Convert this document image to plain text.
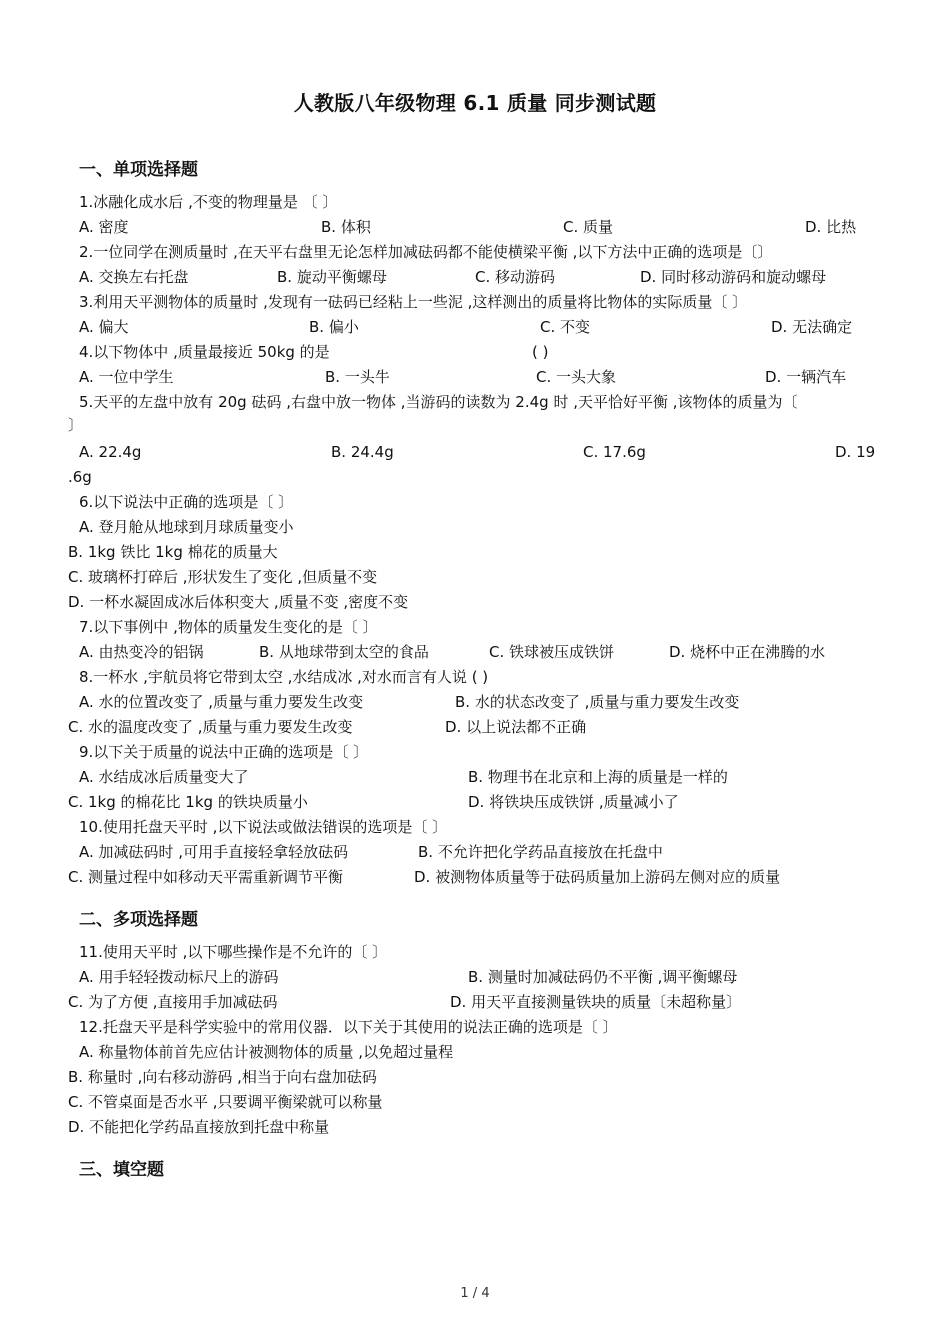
人教版八年级物理 6.1 质量 同步测试题
一、单项选择题
1.冰融化成水后 ,不变的物理量是 〔 〕
A. 密度	B. 体积	C. 质量	D. 比热
2.一位同学在测质量时 ,在天平右盘里无论怎样加减砝码都不能使横梁平衡 ,以下方法中正确的选项是〔〕
A. 交换左右托盘	B. 旋动平衡螺母	C. 移动游码	D. 同时移动游码和旋动螺母
3.利用天平测物体的质量时 ,发现有一砝码已经粘上一些泥 ,这样测出的质量将比物体的实际质量〔 〕
A. 偏大	B. 偏小	C. 不变	D. 无法确定
4.以下物体中 ,质量最接近 50kg 的是	( )
A. 一位中学生	B. 一头牛	C. 一头大象	D. 一辆汽车
5.天平的左盘中放有 20g 砝码 ,右盘中放一物体 ,当游码的读数为 2.4g 时 ,天平恰好平衡 ,该物体的质量为〔
〕
A. 22.4g	B. 24.4g	C. 17.6g	D. 19
.6g
6.以下说法中正确的选项是〔 〕
A. 登月舱从地球到月球质量变小
B. 1kg 铁比 1kg 棉花的质量大
C. 玻璃杯打碎后 ,形状发生了变化 ,但质量不变
D. 一杯水凝固成冰后体积变大 ,质量不变 ,密度不变
7.以下事例中 ,物体的质量发生变化的是〔 〕
A. 由热变冷的铝锅	B. 从地球带到太空的食品	C. 铁球被压成铁饼	D. 烧杯中正在沸腾的水
8.一杯水 ,宇航员将它带到太空 ,水结成冰 ,对水而言有人说 ( )
A. 水的位置改变了 ,质量与重力要发生改变	B. 水的状态改变了 ,质量与重力要发生改变
C. 水的温度改变了 ,质量与重力要发生改变	D. 以上说法都不正确
9.以下关于质量的说法中正确的选项是〔 〕
A. 水结成冰后质量变大了	B. 物理书在北京和上海的质量是一样的
C. 1kg 的棉花比 1kg 的铁块质量小	D. 将铁块压成铁饼 ,质量减小了
10.使用托盘天平时 ,以下说法或做法错误的选项是〔 〕
A. 加减砝码时 ,可用手直接轻拿轻放砝码	B. 不允许把化学药品直接放在托盘中
C. 测量过程中如移动天平需重新调节平衡	D. 被测物体质量等于砝码质量加上游码左侧对应的质量
二、多项选择题
11.使用天平时 ,以下哪些操作是不允许的〔 〕
A. 用手轻轻拨动标尺上的游码	B. 测量时加减砝码仍不平衡 ,调平衡螺母
C. 为了方便 ,直接用手加减砝码	D. 用天平直接测量铁块的质量〔未超称量〕
12.托盘天平是科学实验中的常用仪器．以下关于其使用的说法正确的选项是〔 〕
A. 称量物体前首先应估计被测物体的质量 ,以免超过量程
B. 称量时 ,向右移动游码 ,相当于向右盘加砝码
C. 不管桌面是否水平 ,只要调平衡梁就可以称量
D. 不能把化学药品直接放到托盘中称量
三、填空题
1 / 4
